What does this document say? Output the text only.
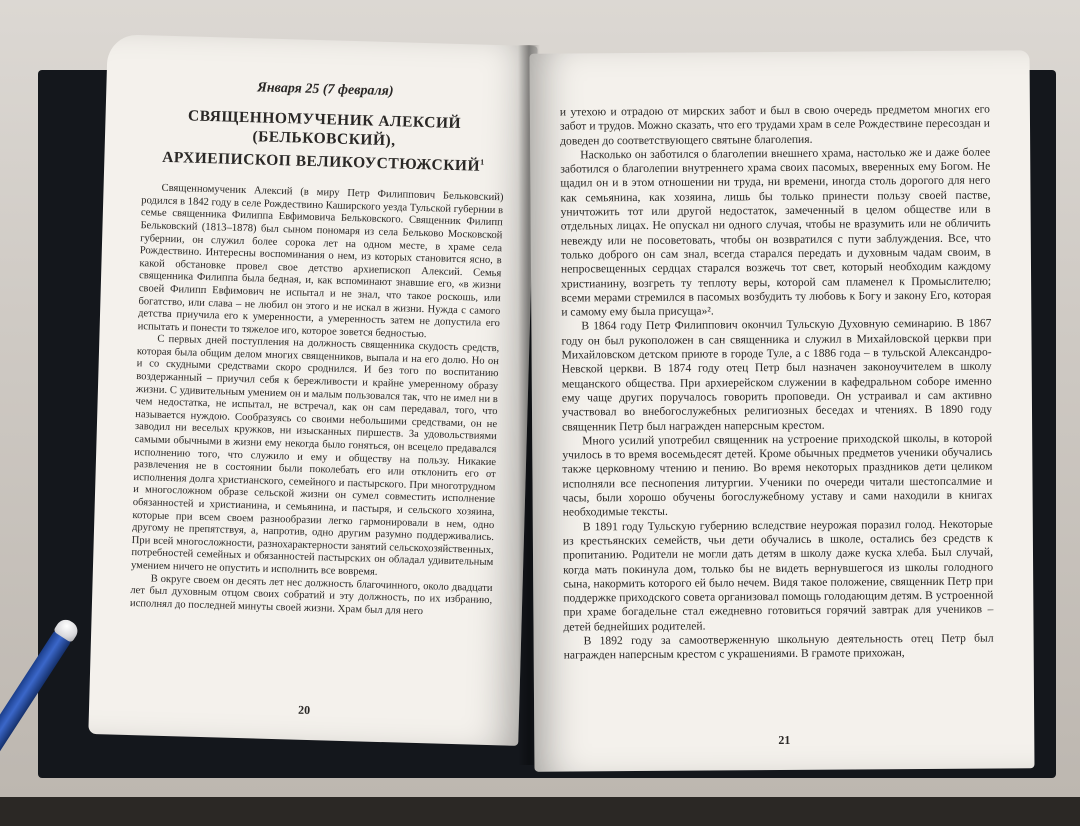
Января 25 (7 февраля)

СВЯЩЕННОМУЧЕНИК АЛЕКСИЙ (БЕЛЬКОВСКИЙ),
АРХИЕПИСКОП ВЕЛИКОУСТЮЖСКИЙ$^1$

Священномученик Алексий (в миру Петр Филиппович Бельковский) родился в 1842 году в селе Рождествино Каширского уезда Тульской губернии в семье священника Филиппа Евфимовича Бельковского. Священник Филипп Бельковский (1813–1878) был сыном пономаря из села Бельково Московской губернии, он служил более сорока лет на одном месте, в храме села Рождествино. Интересны воспоминания о нем, из которых становится ясно, в какой обстановке провел свое детство архиепископ Алексий. Семья священника Филиппа была бедная, и, как вспоминают знавшие его, «в жизни своей Филипп Евфимович не испытал и не знал, что такое роскошь, или богатство, или слава – не любил он этого и не искал в жизни. Нужда с самого детства приучила его к умеренности, а умеренность затем не допустила его испытать и понести то тяжелое иго, которое зовется бедностью.

С первых дней поступления на должность священника скудость средств, которая была общим делом многих священников, выпала и на его долю. Но он и со скудными средствами скоро сроднился. И без того по воспитанию воздержанный – приучил себя к бережливости и крайне умеренному образу жизни. С удивительным умением он и малым пользовался так, что не имел ни в чем недостатка, не испытал, не встречал, как он сам передавал, того, что называется нуждою. Сообразуясь со своими небольшими средствами, он не заводил ни веселых кружков, ни изысканных пиршеств. За удовольствиями самыми обычными в жизни ему некогда было гоняться, он всецело предавался исполнению того, что служило и ему и обществу на пользу. Никакие развлечения не в состоянии были поколебать его или отклонить его от исполнения долга христианского, семейного и пастырского. При многотрудном и многосложном образе сельской жизни он сумел совместить исполнение обязанностей и христианина, и семьянина, и пастыря, и сельского хозяина, которые при всем своем разнообразии легко гармонировали в нем, одно другому не препятствуя, а, напротив, одно другим разумно поддерживались. При всей многосложности, разнохарактерности занятий сельскохозяйственных, потребностей семейных и обязанностей пастырских он обладал удивительным умением ничего не опустить и исполнить все вовремя.

В округе своем он десять лет нес должность благочинного, около двадцати лет был духовным отцом своих собратий и эту должность, по их избранию, исполнял до последней минуты своей жизни. Храм был для него

20

и утехою и отрадою от мирских забот и был в свою очередь предметом многих его забот и трудов. Можно сказать, что его трудами храм в селе Рождествине пересоздан и доведен до соответствующего святыне благолепия.

Насколько он заботился о благолепии внешнего храма, настолько же и даже более заботился о благолепии внутреннего храма своих пасомых, вверенных ему Богом. Не щадил он и в этом отношении ни труда, ни времени, иногда столь дорогого для него как семьянина, как хозяина, лишь бы только принести пользу своей пастве, уничтожить тот или другой недостаток, замеченный в целом обществе или в отдельных лицах. Не опускал ни одного случая, чтобы не вразумить или не обличить невежду или не посоветовать, чтобы он возвратился с пути заблуждения. Все, что только доброго он сам знал, всегда старался передать и духовным чадам своим, в непросвещенных сердцах старался возжечь тот свет, который необходим каждому христианину, возгреть ту теплоту веры, которой сам пламенел к Промыслителю; всеми мерами стремился в пасомых возбудить ту любовь к Богу и закону Его, которая и самому ему была присуща»².

В 1864 году Петр Филиппович окончил Тульскую Духовную семинарию. В 1867 году он был рукоположен в сан священника и служил в Михайловской церкви при Михайловском детском приюте в городе Туле, а с 1886 года – в тульской Александро-Невской церкви. В 1874 году отец Петр был назначен законоучителем в школу мещанского общества. При архиерейском служении в кафедральном соборе именно ему чаще других поручалось говорить проповеди. Он устраивал и сам активно участвовал во внебогослужебных религиозных беседах и чтениях. В 1890 году священник Петр был награжден наперсным крестом.

Много усилий употребил священник на устроение приходской школы, в которой училось в то время восемьдесят детей. Кроме обычных предметов ученики обучались также церковному чтению и пению. Во время некоторых праздников дети целиком исполняли все песнопения литургии. Ученики по очереди читали шестопсалмие и часы, были хорошо обучены богослужебному уставу и сами находили в книгах необходимые тексты.

В 1891 году Тульскую губернию вследствие неурожая поразил голод. Некоторые из крестьянских семейств, чьи дети обучались в школе, остались без средств к пропитанию. Родители не могли дать детям в школу даже куска хлеба. Был случай, когда мать покинула дом, только бы не видеть вернувшегося из школы голодного сына, накормить которого ей было нечем. Видя такое положение, священник Петр при поддержке приходского совета организовал помощь голодающим детям. В устроенной при храме богадельне стал ежедневно готовиться горячий завтрак для учеников – детей беднейших родителей.

В 1892 году за самоотверженную школьную деятельность отец Петр был награжден наперсным крестом с украшениями. В грамоте прихожан,

21
